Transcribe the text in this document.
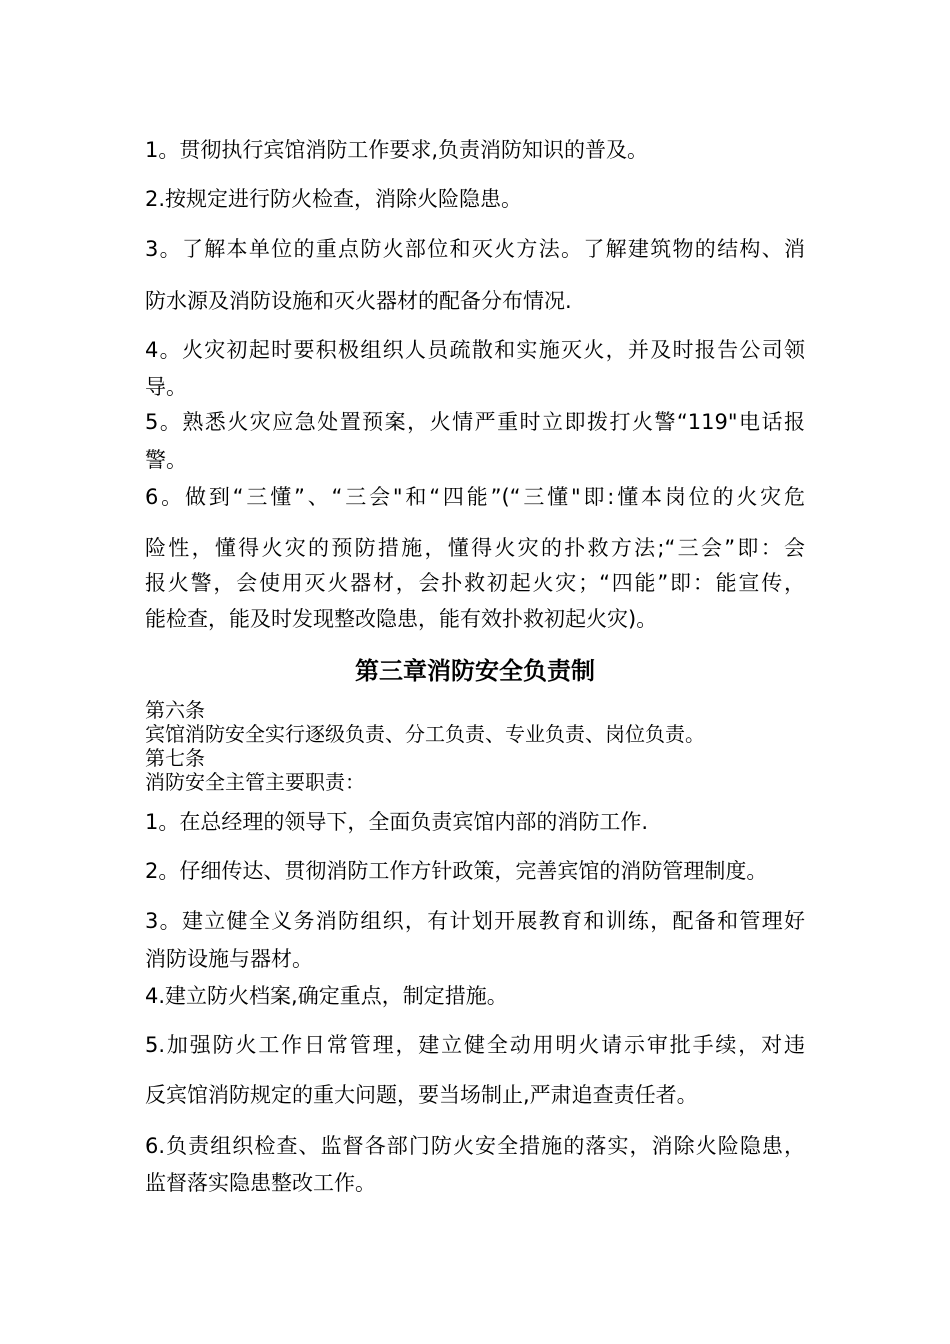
1。贯彻执行宾馆消防工作要求,负责消防知识的普及。
2.按规定进行防火检查，消除火险隐患。
3。了解本单位的重点防火部位和灭火方法。了解建筑物的结构、消
防水源及消防设施和灭火器材的配备分布情况.
4。火灾初起时要积极组织人员疏散和实施灭火，并及时报告公司领
导。
5。熟悉火灾应急处置预案，火情严重时立即拨打火警“119"电话报
警。
6。做到“三懂”、“三会"和“四能”(“三懂"即:懂本岗位的火灾危
险性，懂得火灾的预防措施，懂得火灾的扑救方法;“三会”即：会
报火警，会使用灭火器材，会扑救初起火灾；“四能”即：能宣传，
能检查，能及时发现整改隐患，能有效扑救初起火灾)。
第三章消防安全负责制
第六条
宾馆消防安全实行逐级负责、分工负责、专业负责、岗位负责。
第七条
消防安全主管主要职责：
1。在总经理的领导下，全面负责宾馆内部的消防工作.
2。仔细传达、贯彻消防工作方针政策，完善宾馆的消防管理制度。
3。建立健全义务消防组织，有计划开展教育和训练，配备和管理好
消防设施与器材。
4.建立防火档案,确定重点，制定措施。
5.加强防火工作日常管理，建立健全动用明火请示审批手续，对违
反宾馆消防规定的重大问题，要当场制止,严肃追查责任者。
6.负责组织检查、监督各部门防火安全措施的落实，消除火险隐患，
监督落实隐患整改工作。
